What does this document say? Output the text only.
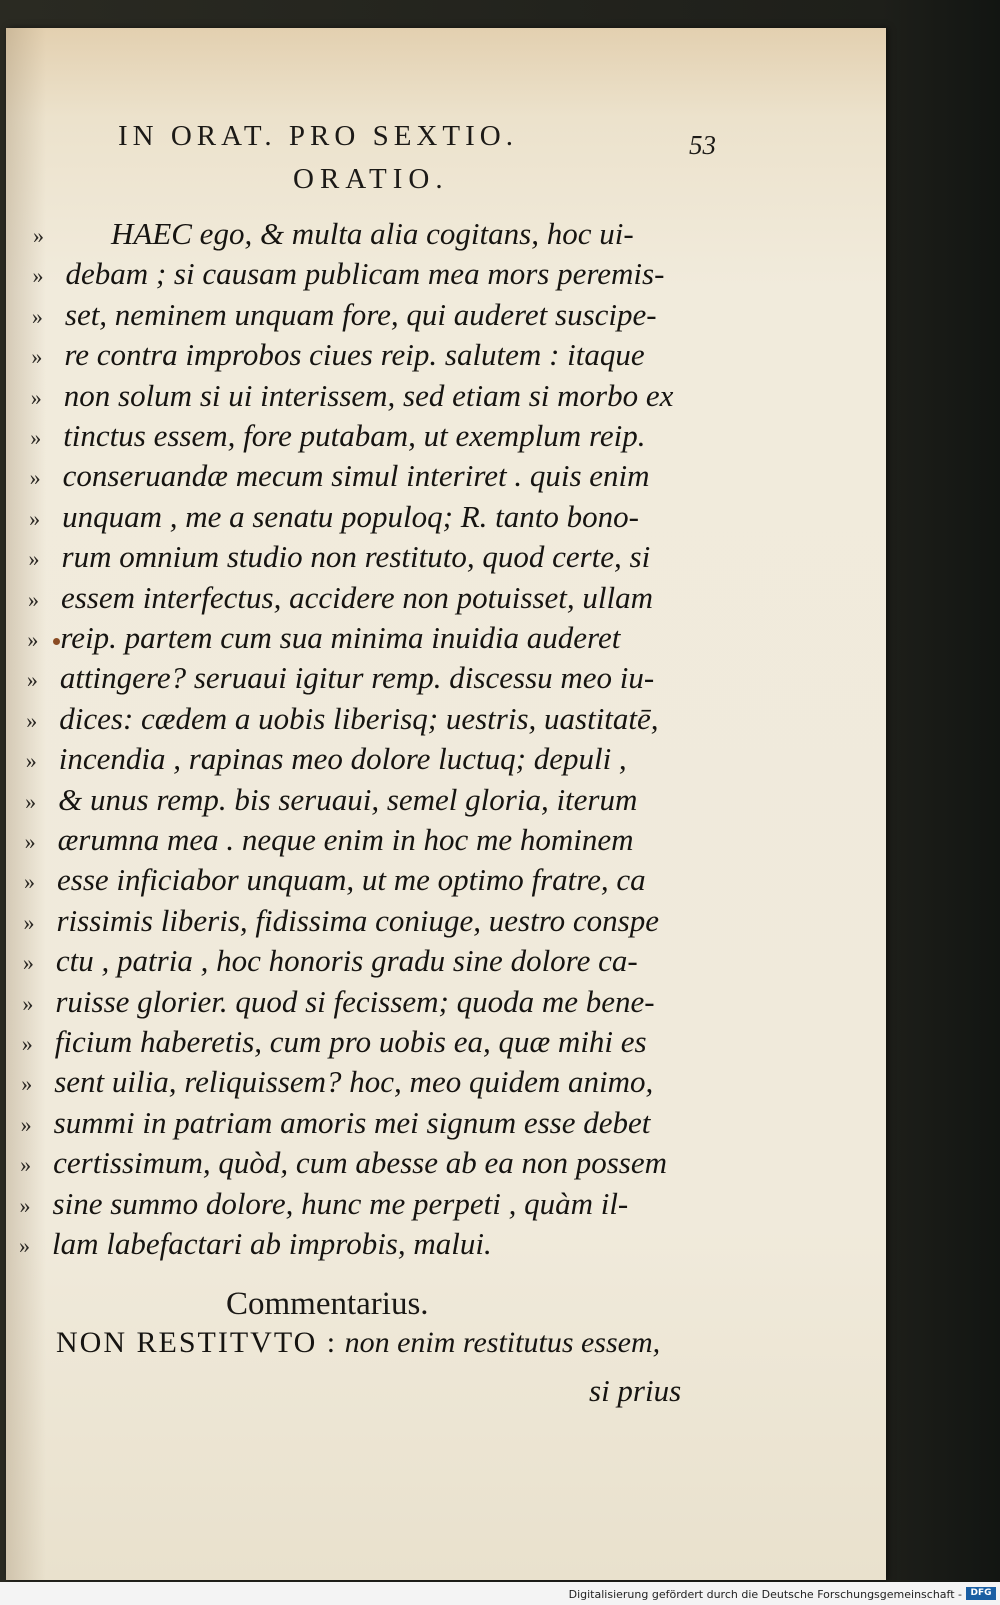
IN ORAT. PRO SEXTIO.	53
ORATIO.
»
HAEC ego, & multa alia cogitans, hoc ui-
»
debam ; si causam publicam mea mors peremis-
»
set, neminem unquam fore, qui auderet suscipe-
»
re contra improbos ciues reip. salutem : itaque
»
non solum si ui interissem, sed etiam si morbo ex
»
tinctus essem, fore putabam, ut exemplum reip.
»
conseruandæ mecum simul interiret . quis enim
»
unquam , me a senatu populoq; R. tanto bono-
»
rum omnium studio non restituto, quod certe, si
»
essem interfectus, accidere non potuisset, ullam
»
reip. partem cum sua minima inuidia auderet
»
attingere? seruaui igitur remp. discessu meo iu-
»
dices: cædem a uobis liberisq; uestris, uastitatē,
»
incendia , rapinas meo dolore luctuq; depuli ,
»
& unus remp. bis seruaui, semel gloria, iterum
»
ærumna mea . neque enim in hoc me hominem
»
esse inficiabor unquam, ut me optimo fratre, ca
»
rissimis liberis, fidissima coniuge, uestro conspe
»
ctu , patria , hoc honoris gradu sine dolore ca-
»
ruisse glorier. quod si fecissem; quoda me bene-
»
ficium haberetis, cum pro uobis ea, quæ mihi es
»
sent uilia, reliquissem? hoc, meo quidem animo,
»
summi in patriam amoris mei signum esse debet
»
certissimum, quòd, cum abesse ab ea non possem
»
sine summo dolore, hunc me perpeti , quàm il-
»
lam labefactari ab improbis, malui.
Commentarius.
NON RESTITVTO : non enim restitutus essem,
si prius
Digitalisierung gefördert durch die Deutsche Forschungsgemeinschaft - DFG
